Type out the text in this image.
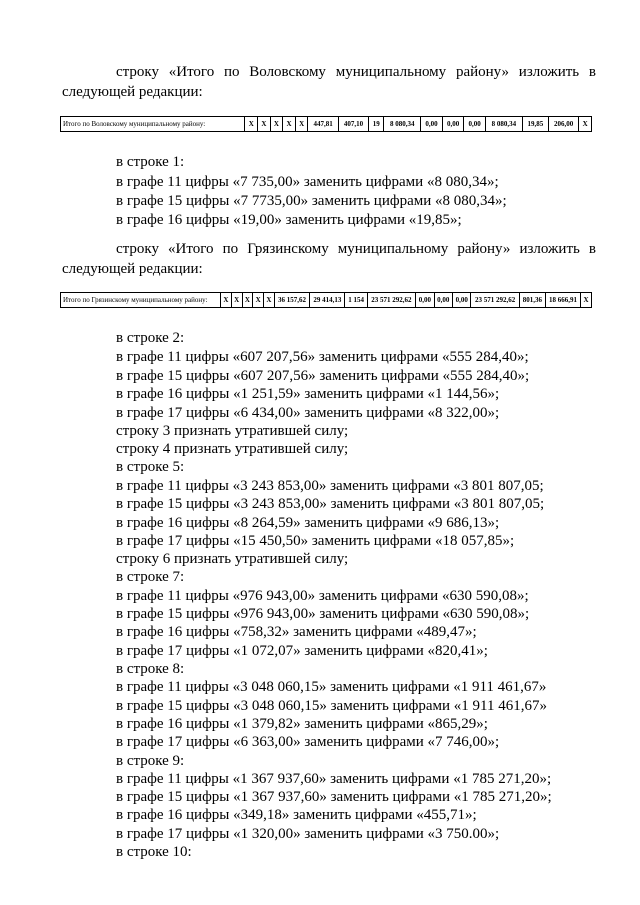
строку «Итого по Воловскому муниципальному району» изложить в следующей редакции:
Итого по Воловскому муниципальному району:	Х	Х	Х	Х	Х	447,81	407,10	19	8 080,34	0,00	0,00	0,00	8 080,34	19,85	206,00	Х
в строке 1:
в графе 11 цифры «7 735,00» заменить цифрами «8 080,34»;
в графе 15 цифры «7 7735,00» заменить цифрами «8 080,34»;
в графе 16 цифры «19,00» заменить цифрами «19,85»;
строку «Итого по Грязинскому муниципальному району» изложить в следующей редакции:
Итого по Грязинскому муниципальному району:	Х	Х	Х	Х	Х	36 157,62	29 414,13	1 154	23 571 292,62	0,00	0,00	0,00	23 571 292,62	801,36	18 666,91	Х
в строке 2:
в графе 11 цифры «607 207,56» заменить цифрами «555 284,40»;
в графе 15 цифры «607 207,56» заменить цифрами «555 284,40»;
в графе 16 цифры «1 251,59» заменить цифрами «1 144,56»;
в графе 17 цифры «6 434,00» заменить цифрами «8 322,00»;
строку 3 признать утратившей силу;
строку 4 признать утратившей силу;
в строке 5:
в графе 11 цифры «3 243 853,00» заменить цифрами «3 801 807,05;
в графе 15 цифры «3 243 853,00» заменить цифрами «3 801 807,05;
в графе 16 цифры «8 264,59» заменить цифрами «9 686,13»;
в графе 17 цифры «15 450,50» заменить цифрами «18 057,85»;
строку 6 признать утратившей силу;
в строке 7:
в графе 11 цифры «976 943,00» заменить цифрами «630 590,08»;
в графе 15 цифры «976 943,00» заменить цифрами «630 590,08»;
в графе 16 цифры «758,32» заменить цифрами «489,47»;
в графе 17 цифры «1 072,07» заменить цифрами «820,41»;
в строке 8:
в графе 11 цифры «3 048 060,15» заменить цифрами «1 911 461,67»
в графе 15 цифры «3 048 060,15» заменить цифрами «1 911 461,67»
в графе 16 цифры «1 379,82» заменить цифрами «865,29»;
в графе 17 цифры «6 363,00» заменить цифрами «7 746,00»;
в строке 9:
в графе 11 цифры «1 367 937,60» заменить цифрами «1 785 271,20»;
в графе 15 цифры «1 367 937,60» заменить цифрами «1 785 271,20»;
в графе 16 цифры «349,18» заменить цифрами «455,71»;
в графе 17 цифры «1 320,00» заменить цифрами «3 750.00»;
в строке 10:
